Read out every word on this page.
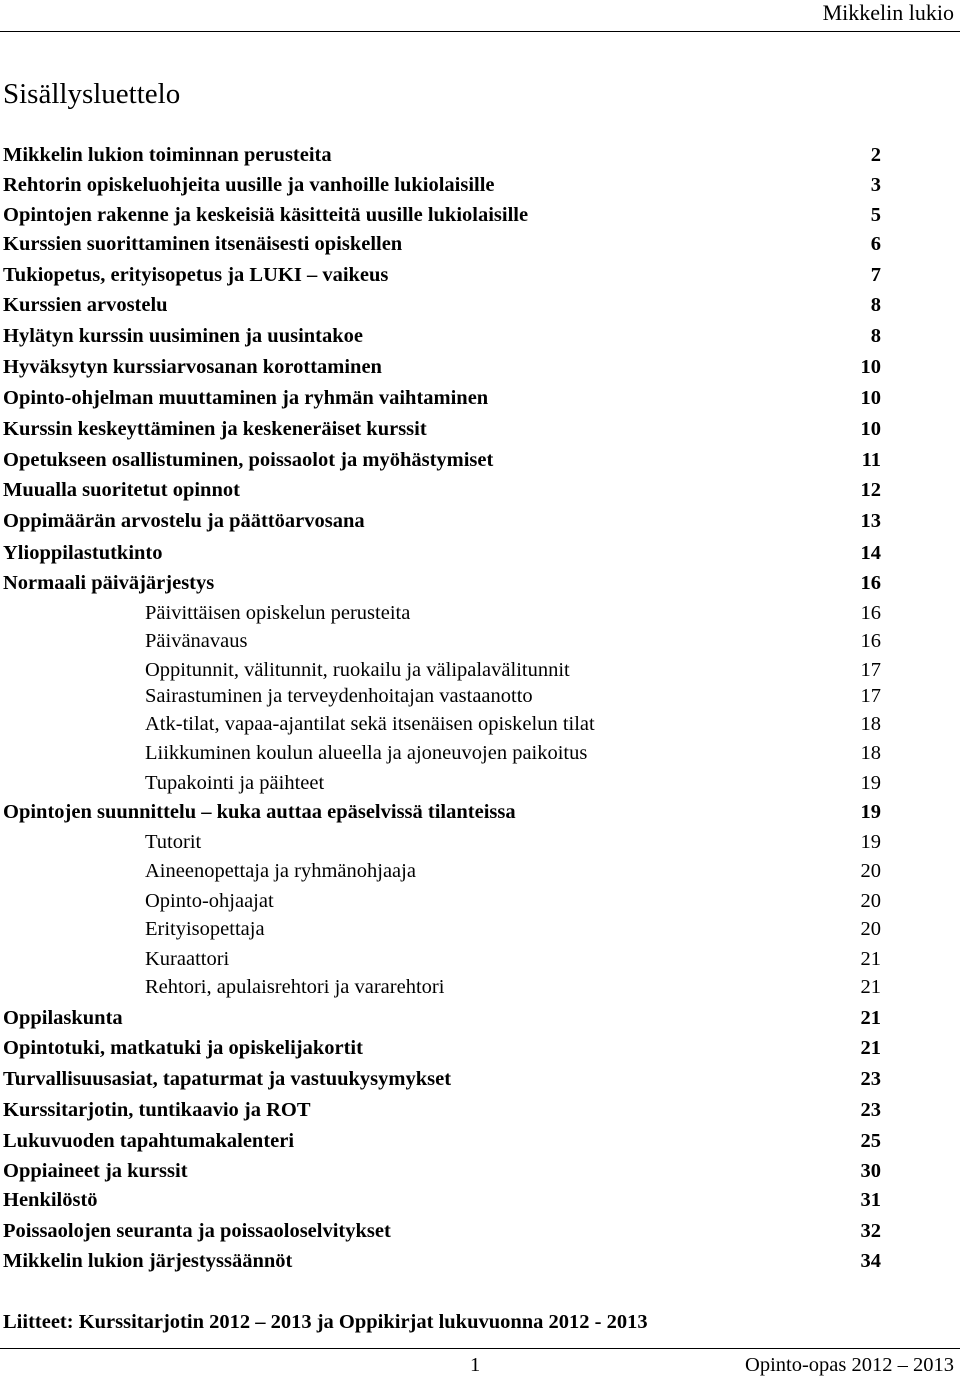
Mikkelin lukio
Sisällysluettelo
Mikkelin lukion toiminnan perusteita	2
Rehtorin opiskeluohjeita uusille ja vanhoille lukiolaisille	3
Opintojen rakenne ja keskeisiä käsitteitä uusille lukiolaisille	5
Kurssien suorittaminen itsenäisesti opiskellen	6
Tukiopetus, erityisopetus ja LUKI – vaikeus	7
Kurssien arvostelu	8
Hylätyn kurssin uusiminen ja uusintakoe	8
Hyväksytyn kurssiarvosanan korottaminen	10
Opinto-ohjelman muuttaminen ja ryhmän vaihtaminen	10
Kurssin keskeyttäminen ja keskeneräiset kurssit	10
Opetukseen osallistuminen, poissaolot ja myöhästymiset	11
Muualla suoritetut opinnot	12
Oppimäärän arvostelu ja päättöarvosana	13
Ylioppilastutkinto	14
Normaali päiväjärjestys	16
Päivittäisen opiskelun perusteita	16
Päivänavaus	16
Oppitunnit, välitunnit, ruokailu ja välipalavälitunnit	17
Sairastuminen ja terveydenhoitajan vastaanotto	17
Atk-tilat, vapaa-ajantilat sekä itsenäisen opiskelun tilat	18
Liikkuminen koulun alueella ja ajoneuvojen paikoitus	18
Tupakointi ja päihteet	19
Opintojen suunnittelu – kuka auttaa epäselvissä tilanteissa	19
Tutorit	19
Aineenopettaja ja ryhmänohjaaja	20
Opinto-ohjaajat	20
Erityisopettaja	20
Kuraattori	21
Rehtori, apulaisrehtori ja vararehtori	21
Oppilaskunta	21
Opintotuki, matkatuki ja opiskelijakortit	21
Turvallisuusasiat, tapaturmat ja vastuukysymykset	23
Kurssitarjotin, tuntikaavio ja ROT	23
Lukuvuoden tapahtumakalenteri	25
Oppiaineet ja kurssit	30
Henkilöstö	31
Poissaolojen seuranta ja poissaoloselvitykset	32
Mikkelin lukion järjestyssäännöt	34
Liitteet: Kurssitarjotin 2012 – 2013 ja Oppikirjat lukuvuonna 2012 - 2013
1	Opinto-opas 2012 – 2013
